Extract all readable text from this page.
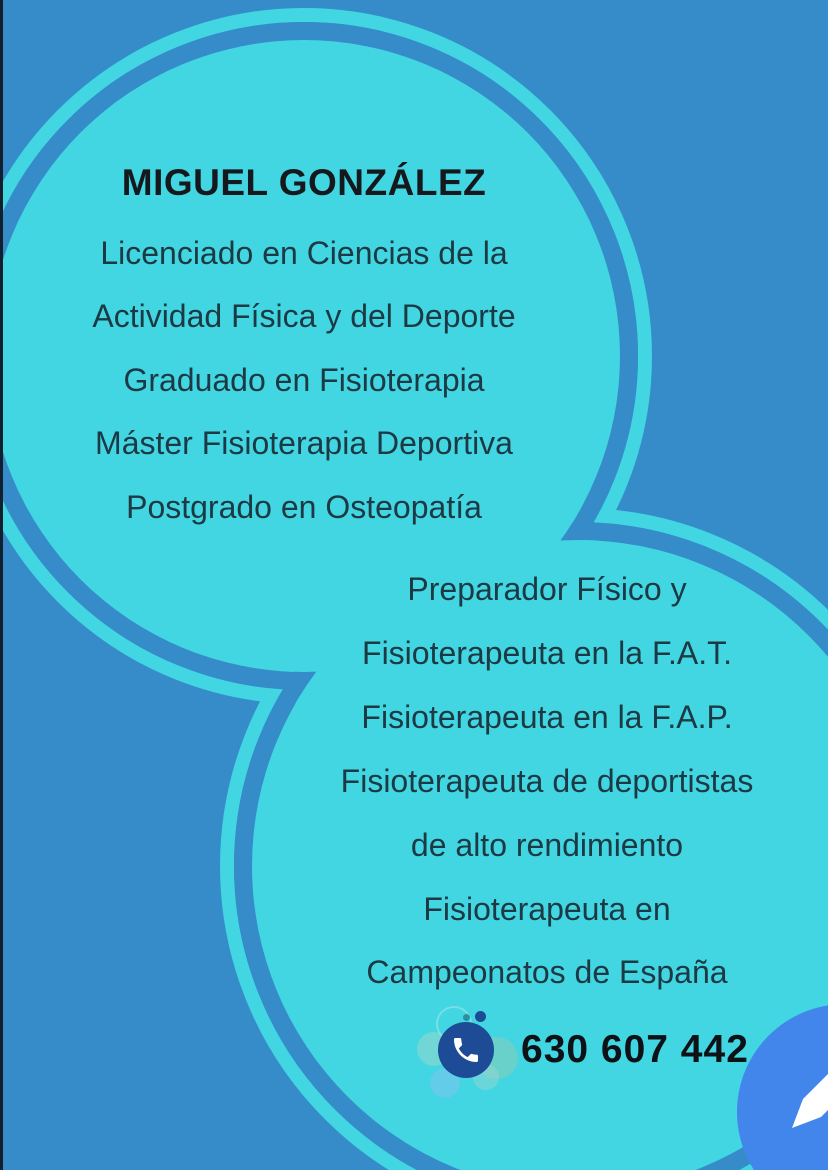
MIGUEL GONZÁLEZ
Licenciado en Ciencias de la
Actividad Física y del Deporte
Graduado en Fisioterapia
Máster Fisioterapia Deportiva
Postgrado en Osteopatía
Preparador Físico y
Fisioterapeuta en la F.A.T.
Fisioterapeuta en la F.A.P.
Fisioterapeuta de deportistas
de alto rendimiento
Fisioterapeuta en
Campeonatos de España
630 607 442
